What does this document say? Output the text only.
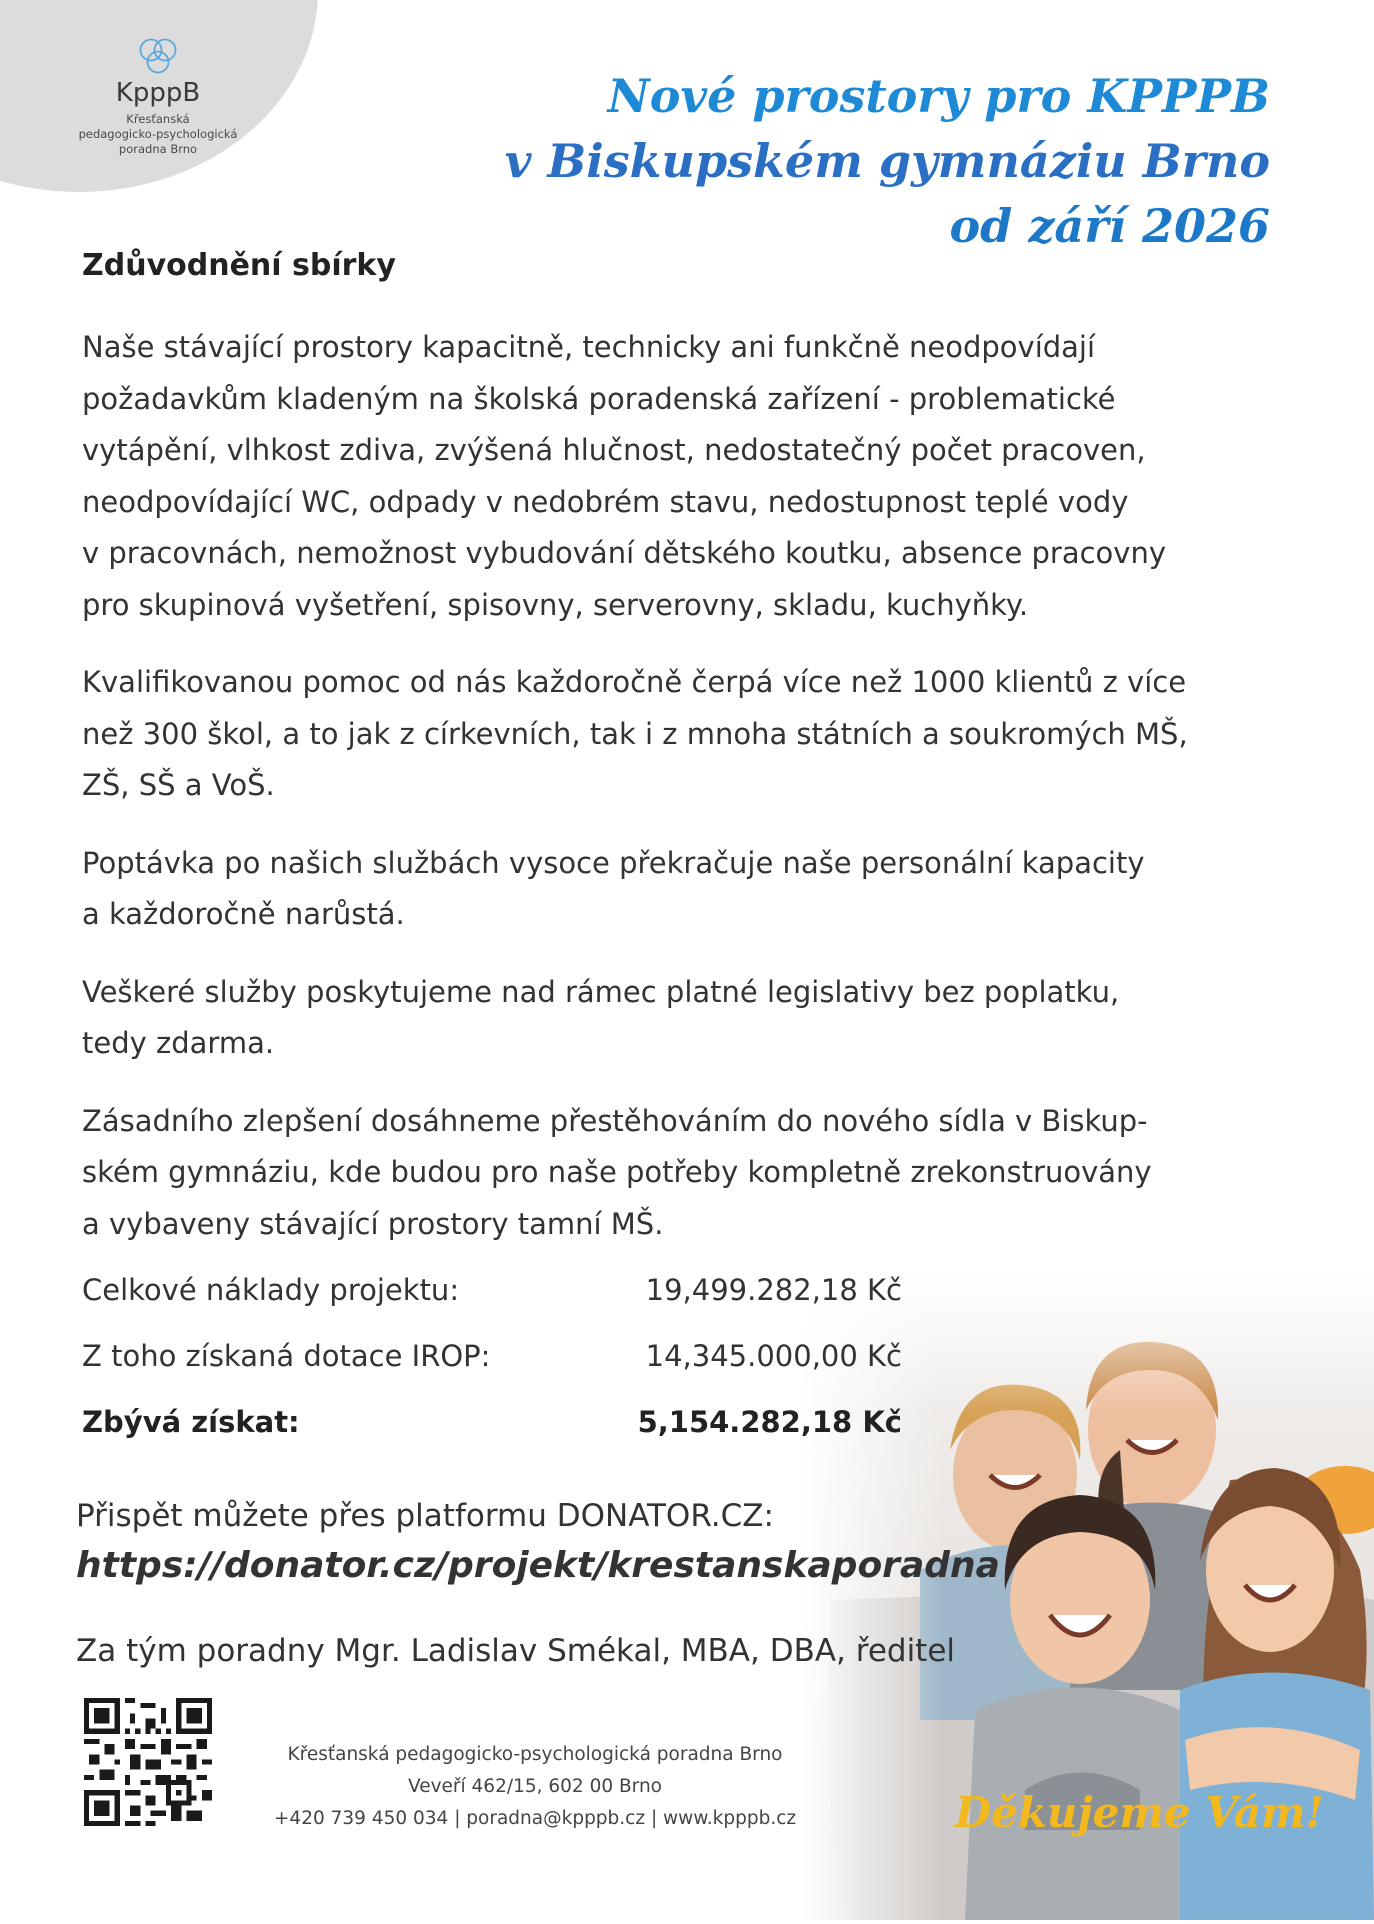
KpppB
Křesťanská
pedagogicko-psychologická
poradna Brno
Nové prostory pro KPPPB
v Biskupském gymnáziu Brno
od září 2026
Zdůvodnění sbírky

Naše stávající prostory kapacitně, technicky ani funkčně neodpovídají
požadavkům kladeným na školská poradenská zařízení - problematické
vytápění, vlhkost zdiva, zvýšená hlučnost, nedostatečný počet pracoven,
neodpovídající WC, odpady v nedobrém stavu, nedostupnost teplé vody
v pracovnách, nemožnost vybudování dětského koutku, absence pracovny
pro skupinová vyšetření, spisovny, serverovny, skladu, kuchyňky.

Kvalifikovanou pomoc od nás každoročně čerpá více než 1000 klientů z více
než 300 škol, a to jak z církevních, tak i z mnoha státních a soukromých MŠ,
ZŠ, SŠ a VoŠ.

Poptávka po našich službách vysoce překračuje naše personální kapacity
a každoročně narůstá.

Veškeré služby poskytujeme nad rámec platné legislativy bez poplatku,
tedy zdarma.

Zásadního zlepšení dosáhneme přestěhováním do nového sídla v Biskup-
ském gymnáziu, kde budou pro naše potřeby kompletně zrekonstruovány
a vybaveny stávající prostory tamní MŠ.

Celkové náklady projektu:	19,499.282,18 Kč
Z toho získaná dotace IROP:	14,345.000,00 Kč
Zbývá získat:	5,154.282,18 Kč
Přispět můžete přes platformu DONATOR.CZ:
https://donator.cz/projekt/krestanskaporadna
Za tým poradny Mgr. Ladislav Smékal, MBA, DBA, ředitel
Křesťanská pedagogicko-psychologická poradna Brno
Veveří 462/15, 602 00 Brno
+420 739 450 034 | poradna@kpppb.cz | www.kpppb.cz	Děkujeme Vám!
